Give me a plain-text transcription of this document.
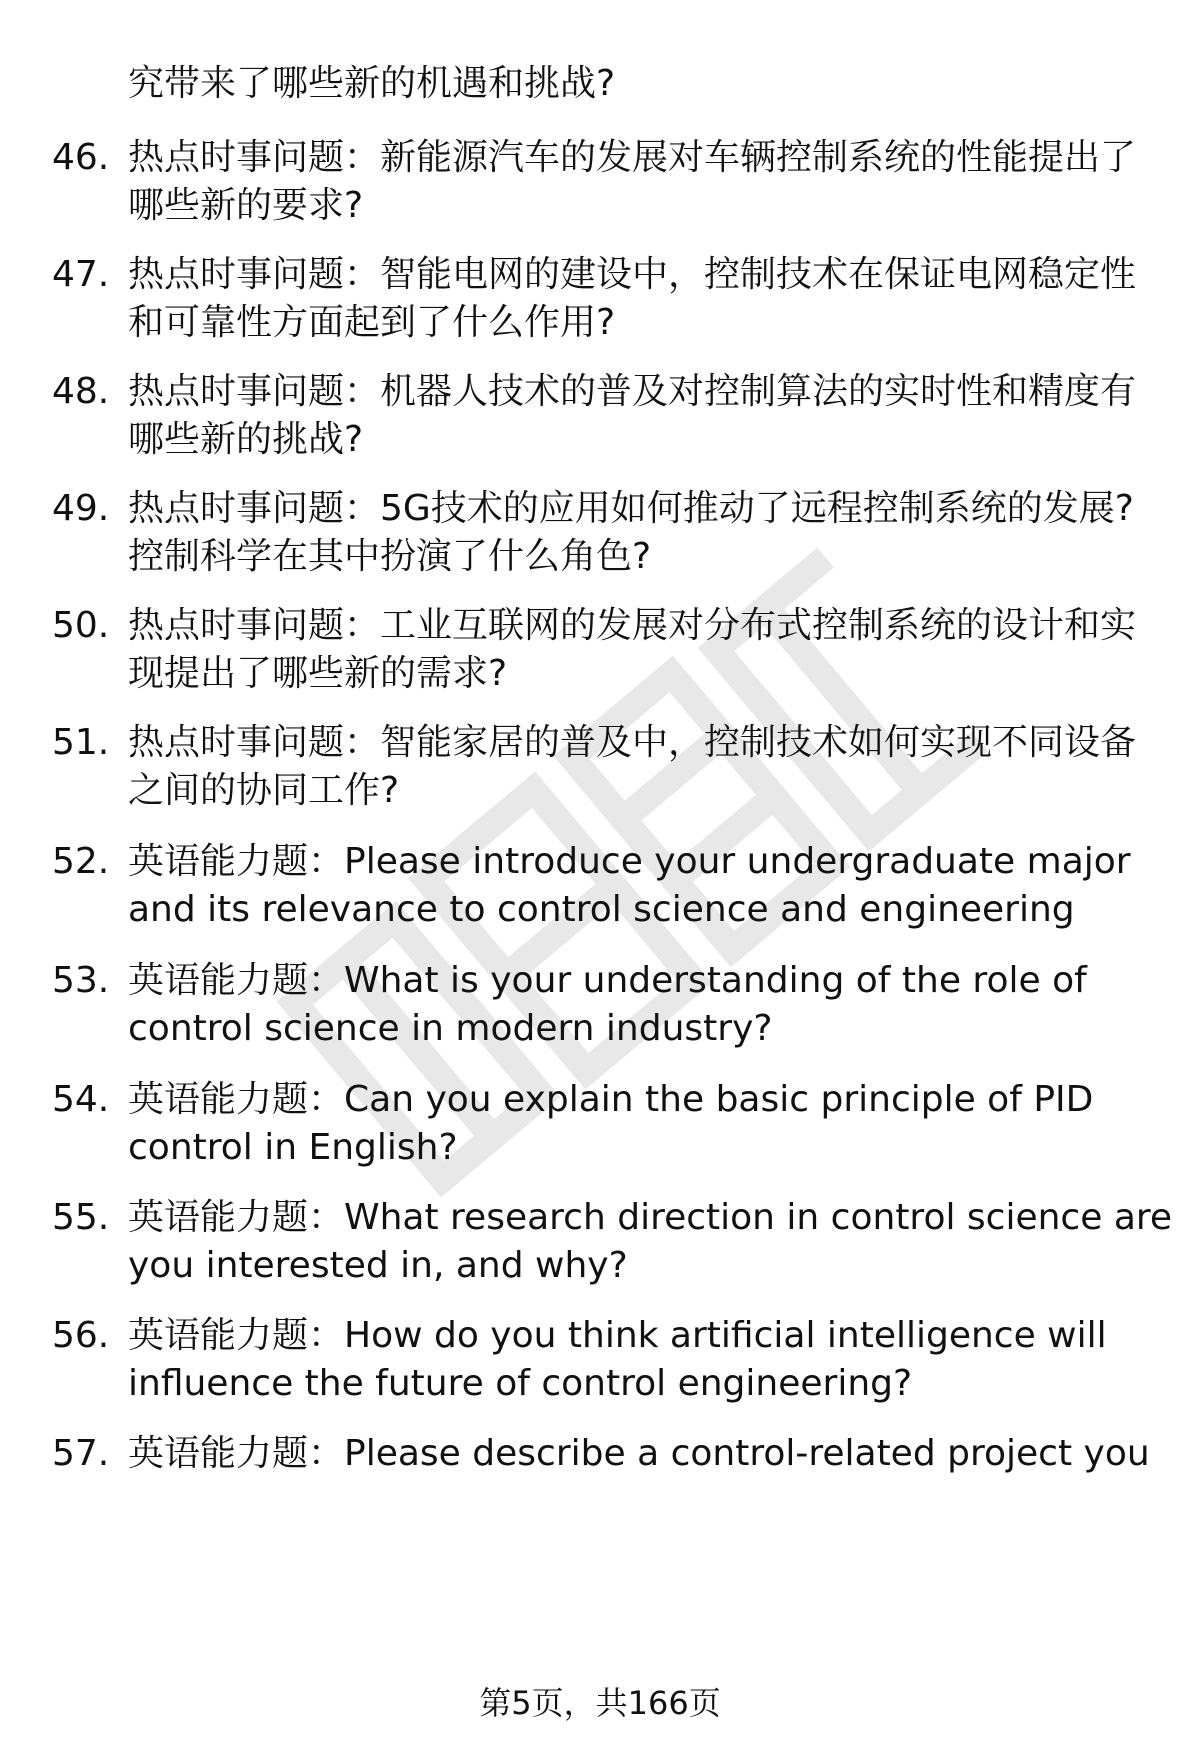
究带来了哪些新的机遇和挑战?
46. 热点时事问题：新能源汽车的发展对车辆控制系统的性能提出了
哪些新的要求?
47. 热点时事问题：智能电网的建设中，控制技术在保证电网稳定性
和可靠性方面起到了什么作用?
48. 热点时事问题：机器人技术的普及对控制算法的实时性和精度有
哪些新的挑战?
49. 热点时事问题：5G技术的应用如何推动了远程控制系统的发展?
控制科学在其中扮演了什么角色?
50. 热点时事问题：工业互联网的发展对分布式控制系统的设计和实
现提出了哪些新的需求?
51. 热点时事问题：智能家居的普及中，控制技术如何实现不同设备
之间的协同工作?
52. 英语能力题：Please introduce your undergraduate major
and its relevance to control science and engineering
53. 英语能力题：What is your understanding of the role of
control science in modern industry?
54. 英语能力题：Can you explain the basic principle of PID
control in English?
55. 英语能力题：What research direction in control science are
you interested in, and why?
56. 英语能力题：How do you think artificial intelligence will
influence the future of control engineering?
57. 英语能力题：Please describe a control-related project you
第5页，共166页
